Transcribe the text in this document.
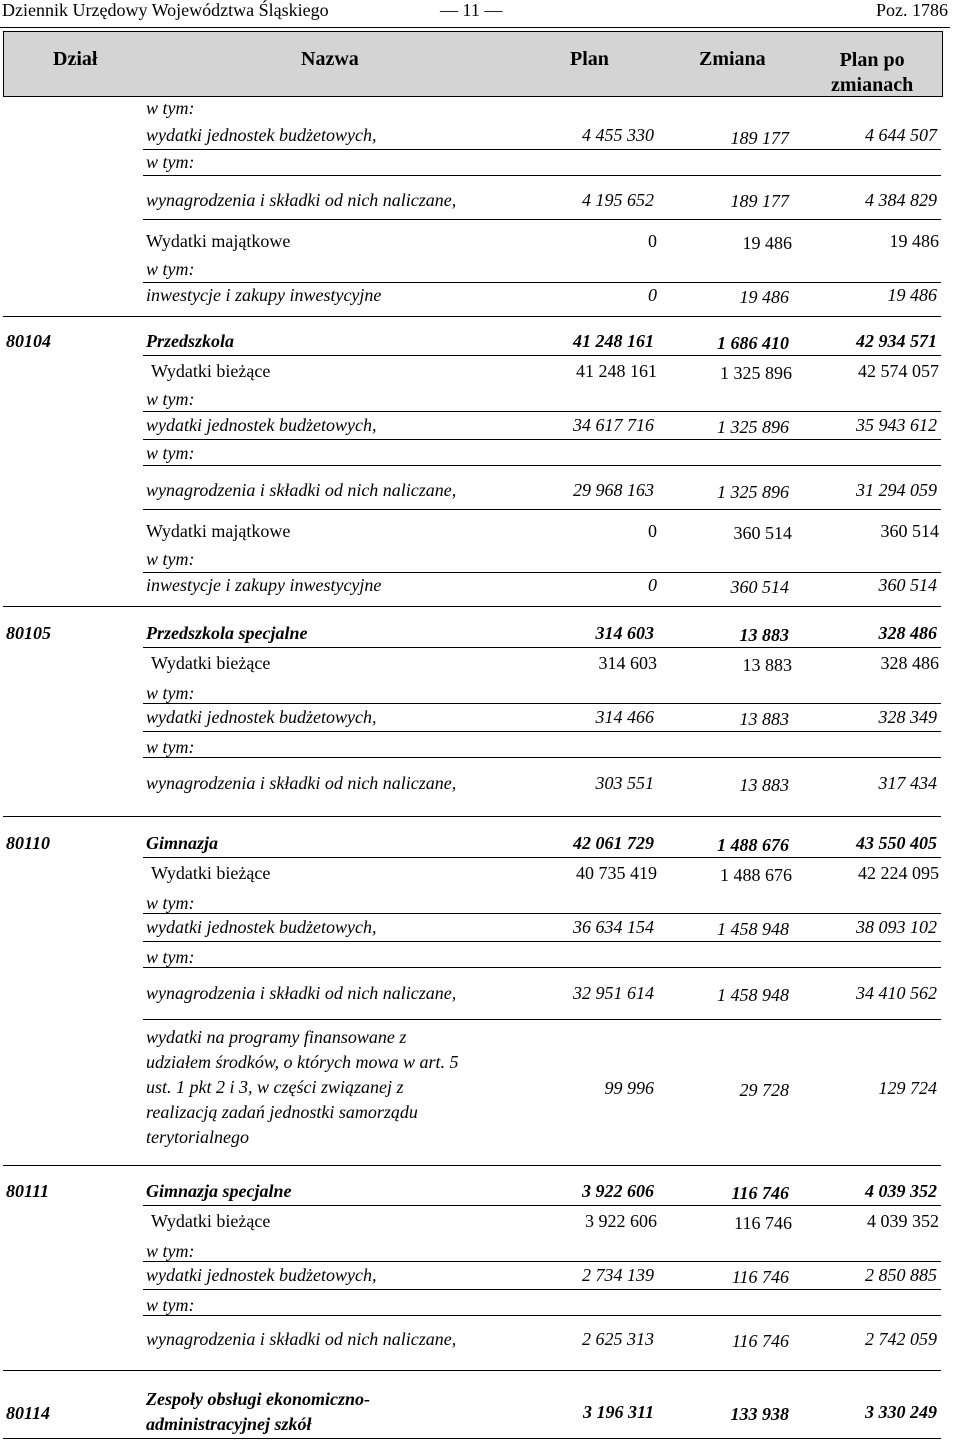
Dziennik Urzędowy Województwa Śląskiego	— 11 —	Poz. 1786
Dział	Nazwa	Plan	Zmiana	Plan po
zmianach
w tym:
wydatki jednostek budżetowych,	4 455 330	189 177	4 644 507
w tym:
wynagrodzenia i składki od nich naliczane,	4 195 652	189 177	4 384 829
Wydatki majątkowe	0	19 486	19 486
w tym:
inwestycje i zakupy inwestycyjne	0	19 486	19 486
80104	Przedszkola	41 248 161	1 686 410	42 934 571
Wydatki bieżące	41 248 161	1 325 896	42 574 057
w tym:
wydatki jednostek budżetowych,	34 617 716	1 325 896	35 943 612
w tym:
wynagrodzenia i składki od nich naliczane,	29 968 163	1 325 896	31 294 059
Wydatki majątkowe	0	360 514	360 514
w tym:
inwestycje i zakupy inwestycyjne	0	360 514	360 514
80105	Przedszkola specjalne	314 603	13 883	328 486
Wydatki bieżące	314 603	13 883	328 486
w tym:
wydatki jednostek budżetowych,	314 466	13 883	328 349
w tym:
wynagrodzenia i składki od nich naliczane,	303 551	13 883	317 434
80110	Gimnazja	42 061 729	1 488 676	43 550 405
Wydatki bieżące	40 735 419	1 488 676	42 224 095
w tym:
wydatki jednostek budżetowych,	36 634 154	1 458 948	38 093 102
w tym:
wynagrodzenia i składki od nich naliczane,	32 951 614	1 458 948	34 410 562
wydatki na programy finansowane z
udziałem środków, o których mowa w art. 5
ust. 1 pkt 2 i 3, w części związanej z
realizacją zadań jednostki samorządu
terytorialnego
99 996	29 728	129 724
80111	Gimnazja specjalne	3 922 606	116 746	4 039 352
Wydatki bieżące	3 922 606	116 746	4 039 352
w tym:
wydatki jednostek budżetowych,	2 734 139	116 746	2 850 885
w tym:
wynagrodzenia i składki od nich naliczane,	2 625 313	116 746	2 742 059
80114
Zespoły obsługi ekonomiczno-
administracyjnej szkół
3 196 311	133 938	3 330 249
